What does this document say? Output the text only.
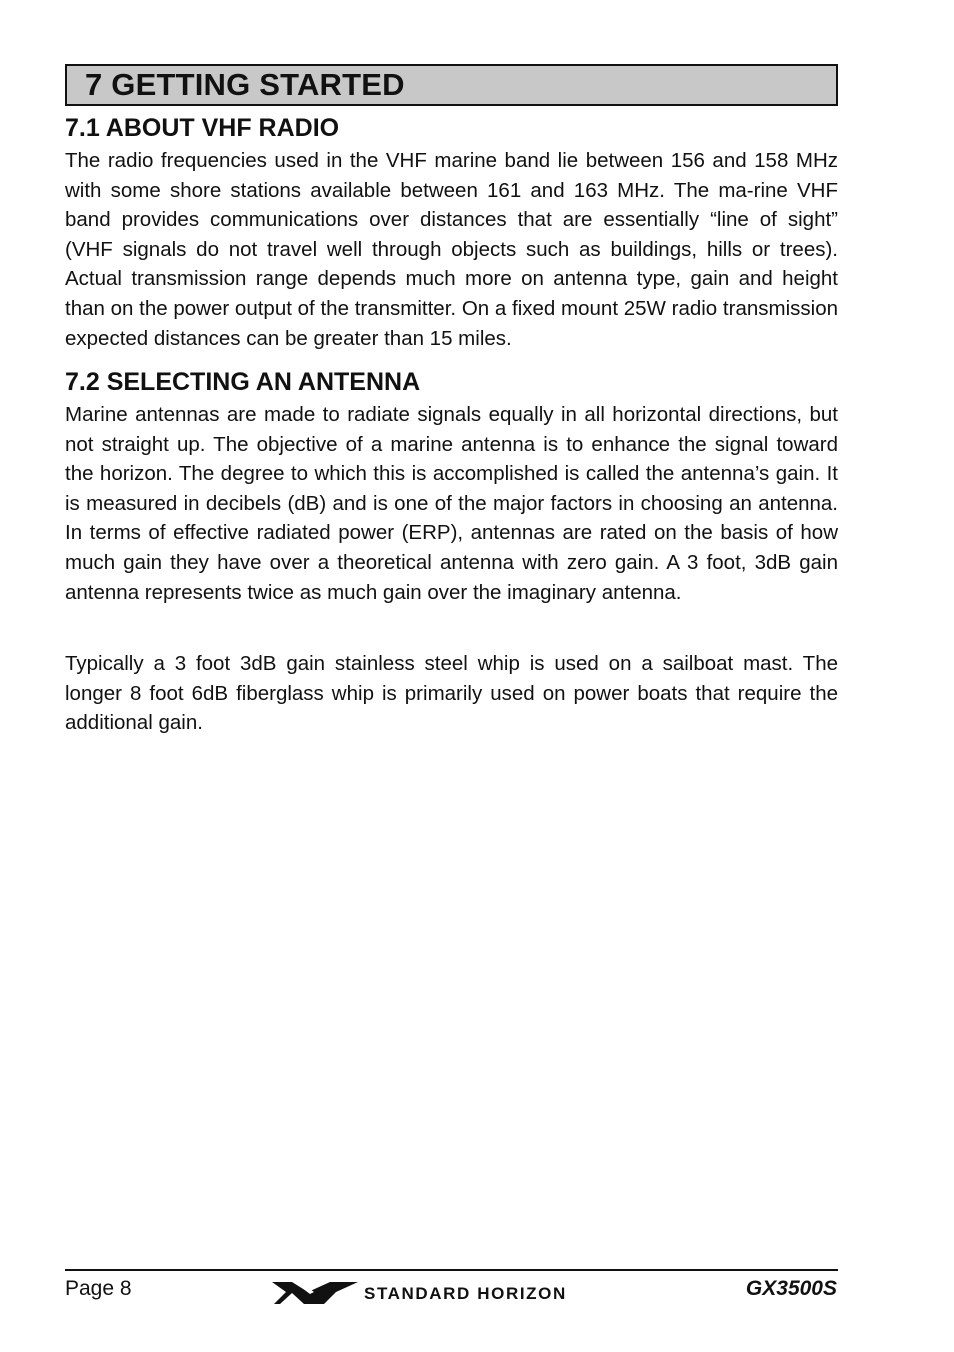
7 GETTING STARTED
7.1 ABOUT VHF RADIO
The radio frequencies used in the VHF marine band lie between 156 and 158 MHz with some shore stations available between 161 and 163 MHz. The ma-rine VHF band provides communications over distances that are essentially “line of sight” (VHF signals do not travel well through objects such as buildings, hills or trees). Actual transmission range depends much more on antenna type, gain and height than on the power output of the transmitter. On a fixed mount 25W radio transmission expected distances can be greater than 15 miles.
7.2 SELECTING AN ANTENNA
Marine antennas are made to radiate signals equally in all horizontal directions, but not straight up. The objective of a marine antenna is to enhance the signal toward the horizon. The degree to which this is accomplished is called the antenna’s gain. It is measured in decibels (dB) and is one of the major factors in choosing an antenna. In terms of effective radiated power (ERP), antennas are rated on the basis of how much gain they have over a theoretical antenna with zero gain. A 3 foot, 3dB gain antenna represents twice as much gain over the imaginary antenna.
Typically a 3 foot 3dB gain stainless steel whip is used on a sailboat mast. The longer 8 foot 6dB fiberglass whip is primarily used on power boats that require the additional gain.
Page 8	STANDARD HORIZON	GX3500S
